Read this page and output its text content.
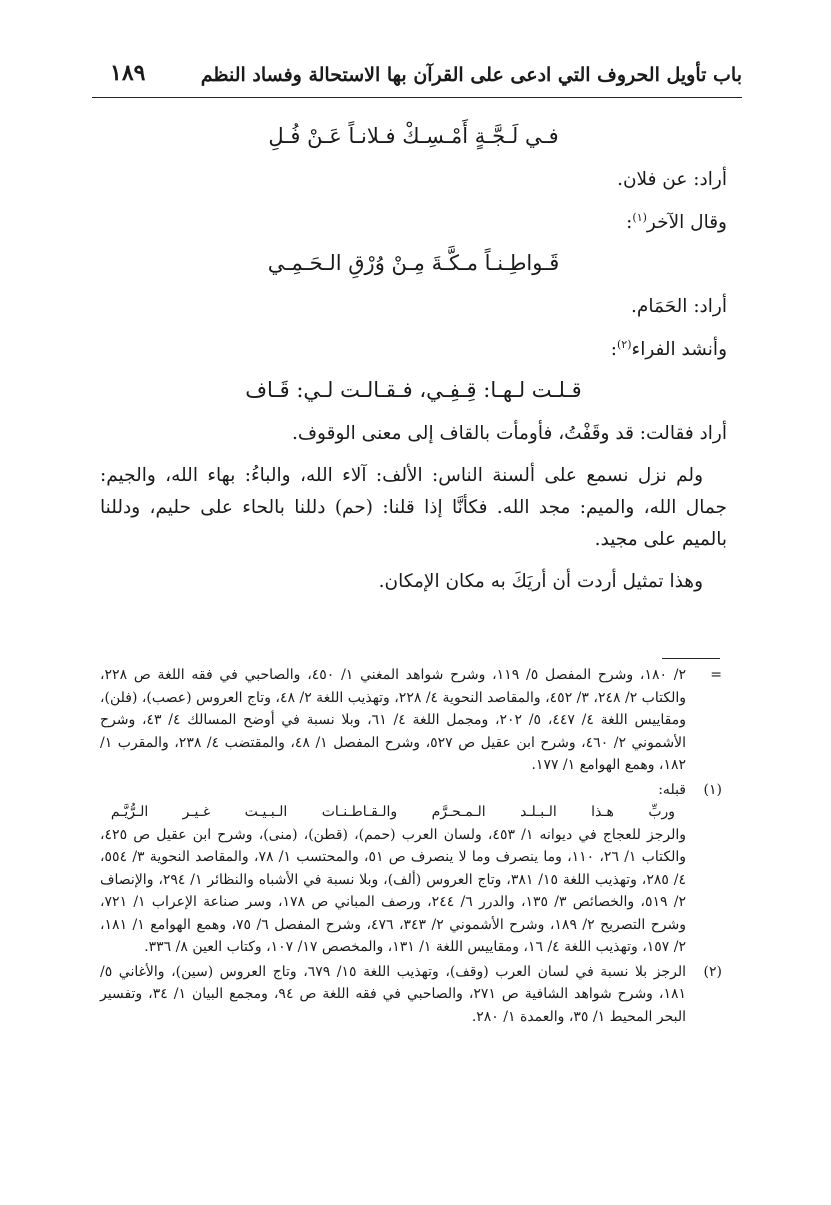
باب تأويل الحروف التي ادعى على القرآن بها الاستحالة وفساد النظم
١٨٩
فـي لَـجَّـةٍ أَمْـسِـكْ فـلانـاً عَـنْ فُـلِ
أراد: عن فلان.
وقال الآخر$^{(١)}$:
قَـواطِـنـاً مـكَّـةَ مِـنْ وُرْقِ الـحَـمِـي
أراد: الحَمَام.
وأنشد الفراء$^{(٢)}$:
قـلـت لـهـا: قِـفِـي، فـقـالـت لـي: قَـاف
أراد فقالت: قد وقَفْتُ، فأومأت بالقاف إلى معنى الوقوف.
ولم نزل نسمع على ألسنة الناس: الألف: آلاء الله، والباءُ: بهاء الله، والجيم: جمال الله، والميم: مجد الله. فكأنَّا إذا قلنا: (حم) دللنا بالحاء على حليم، ودللنا بالميم على مجيد.
وهذا تمثيل أردت أن أريَكَ به مكان الإمكان.
=
٢/ ١٨٠، وشرح المفصل ٥/ ١١٩، وشرح شواهد المغني ١/ ٤٥٠، والصاحبي في فقه اللغة ص ٢٢٨، والكتاب ٢/ ٢٤٨، ٣/ ٤٥٢، والمقاصد النحوية ٤/ ٢٢٨، وتهذيب اللغة ٢/ ٤٨، وتاج العروس (عصب)، (فلن)، ومقاييس اللغة ٤/ ٤٤٧، ٥/ ٢٠٢، ومجمل اللغة ٤/ ٦١، وبلا نسبة في أوضح المسالك ٤/ ٤٣، وشرح الأشموني ٢/ ٤٦٠، وشرح ابن عقيل ص ٥٢٧، وشرح المفصل ١/ ٤٨، والمقتضب ٤/ ٢٣٨، والمقرب ١/ ١٨٢، وهمع الهوامع ١/ ١٧٧.
(١)
قبله:
وربِّ هـذا الـبـلـد الـمـحـرَّم والـقـاطـنـات الـبـيـت غـيـر الـرُّيَّـم
والرجز للعجاج في ديوانه ١/ ٤٥٣، ولسان العرب (حمم)، (قطن)، (منى)، وشرح ابن عقيل ص ٤٢٥، والكتاب ١/ ٢٦، ١١٠، وما ينصرف وما لا ينصرف ص ٥١، والمحتسب ١/ ٧٨، والمقاصد النحوية ٣/ ٥٥٤، ٤/ ٢٨٥، وتهذيب اللغة ١٥/ ٣٨١، وتاج العروس (ألف)، وبلا نسبة في الأشباه والنظائر ١/ ٢٩٤، والإنصاف ٢/ ٥١٩، والخصائص ٣/ ١٣٥، والدرر ٦/ ٢٤٤، ورصف المباني ص ١٧٨، وسر صناعة الإعراب ١/ ٧٢١، وشرح التصريح ٢/ ١٨٩، وشرح الأشموني ٢/ ٣٤٣، ٤٧٦، وشرح المفصل ٦/ ٧٥، وهمع الهوامع ١/ ١٨١، ٢/ ١٥٧، وتهذيب اللغة ٤/ ١٦، ومقاييس اللغة ١/ ١٣١، والمخصص ١٧/ ١٠٧، وكتاب العين ٨/ ٣٣٦.
(٢)
الرجز بلا نسبة في لسان العرب (وقف)، وتهذيب اللغة ١٥/ ٦٧٩، وتاج العروس (سين)، والأغاني ٥/ ١٨١، وشرح شواهد الشافية ص ٢٧١، والصاحبي في فقه اللغة ص ٩٤، ومجمع البيان ١/ ٣٤، وتفسير البحر المحيط ١/ ٣٥، والعمدة ١/ ٢٨٠.
